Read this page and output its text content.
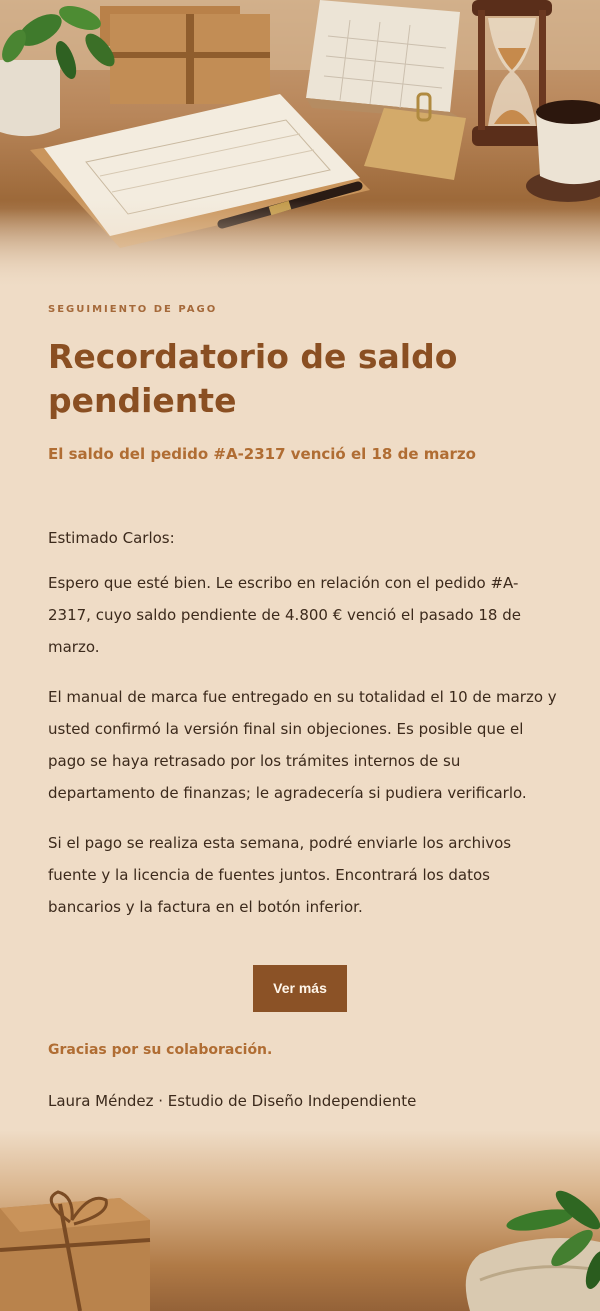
SEGUIMIENTO DE PAGO

Recordatorio de saldo pendiente

El saldo del pedido #A-2317 venció el 18 de marzo

Estimado Carlos:

Espero que esté bien. Le escribo en relación con el pedido #A-2317, cuyo saldo pendiente de 4.800 € venció el pasado 18 de marzo.

El manual de marca fue entregado en su totalidad el 10 de marzo y usted confirmó la versión final sin objeciones. Es posible que el pago se haya retrasado por los trámites internos de su departamento de finanzas; le agradecería si pudiera verificarlo.

Si el pago se realiza esta semana, podré enviarle los archivos fuente y la licencia de fuentes juntos. Encontrará los datos bancarios y la factura en el botón inferior.

Ver más

Gracias por su colaboración.

Laura Méndez · Estudio de Diseño Independiente
